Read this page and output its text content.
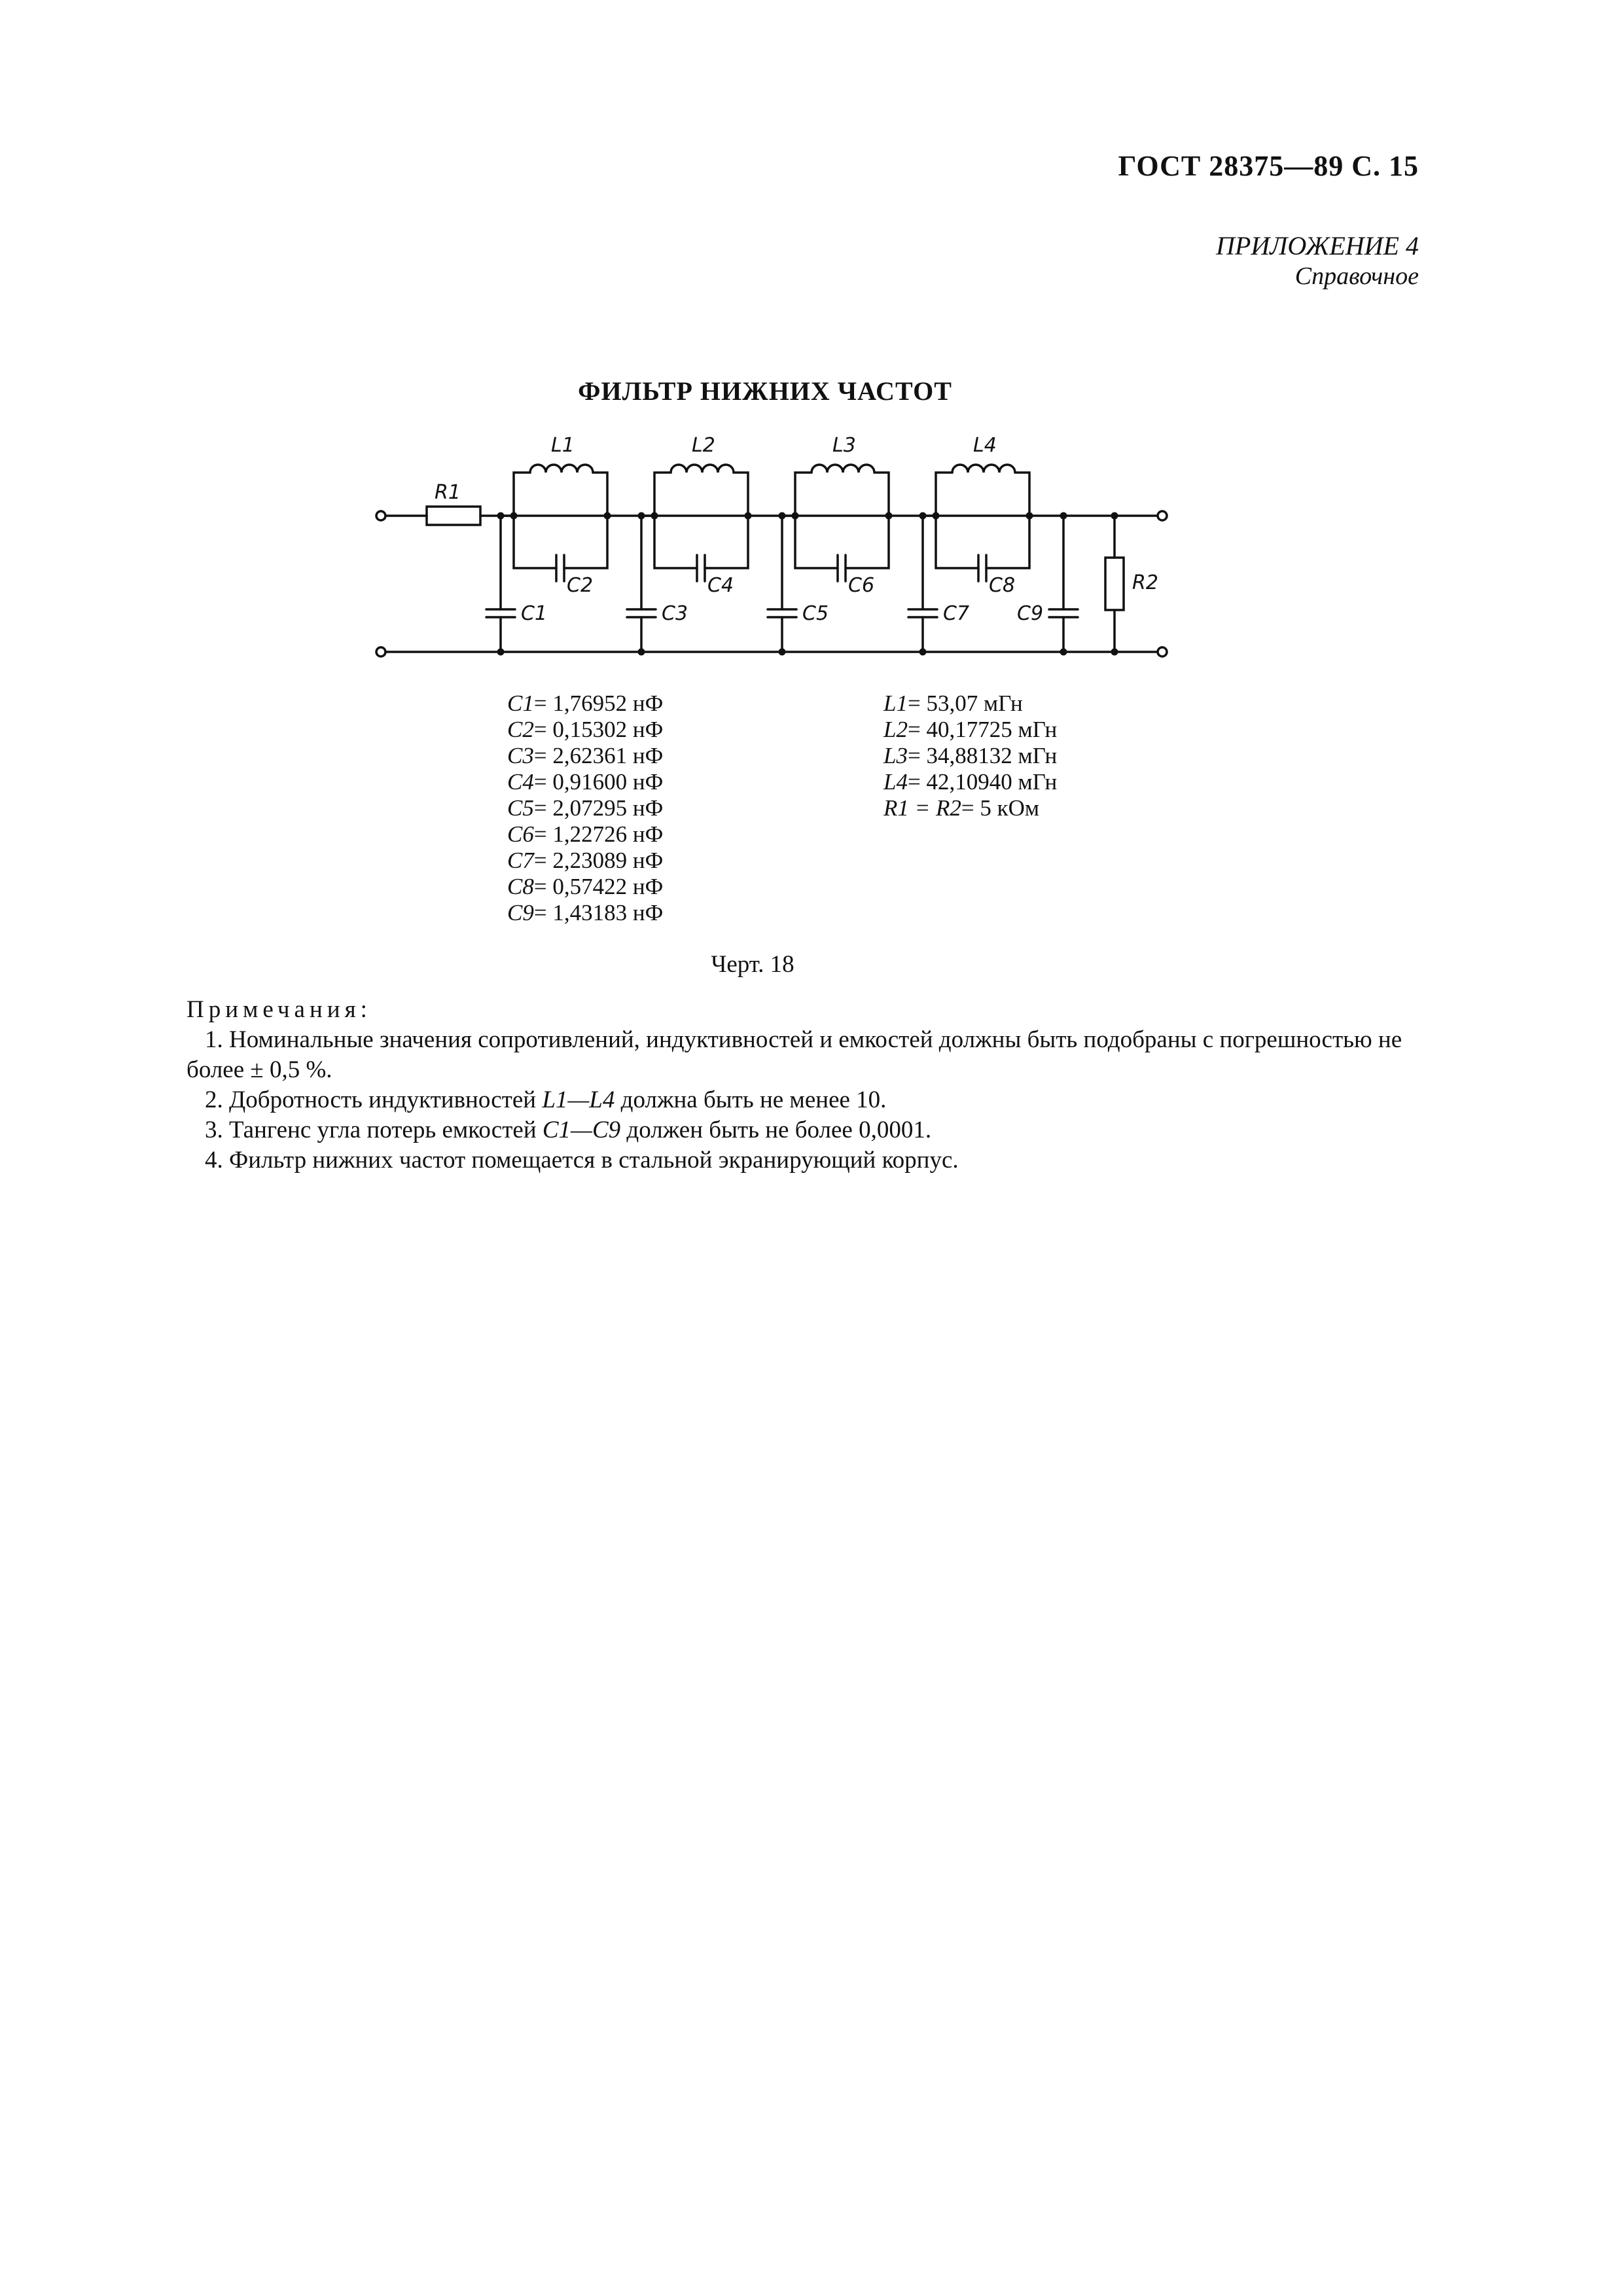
ГОСТ 28375—89 С. 15
ПРИЛОЖЕНИЕ 4
Справочное
ФИЛЬТР НИЖНИХ ЧАСТОТ
R1
L1	L2	L3	L4
C1
C2
C3
C4
C5
C6
C7
C8
C9
R2
C1= 1,76952 нФ
C2= 0,15302 нФ
C3= 2,62361 нФ
C4= 0,91600 нФ
C5= 2,07295 нФ
C6= 1,22726 нФ
C7= 2,23089 нФ
C8= 0,57422 нФ
C9= 1,43183 нФ
L1= 53,07 мГн
L2= 40,17725 мГн
L3= 34,88132 мГн
L4= 42,10940 мГн
R1 = R2= 5 кОм
Черт. 18
Примечания:
1. Номинальные значения сопротивлений, индуктивностей и емкостей должны быть подобраны с погрешностью не более ± 0,5 %.
2. Добротность индуктивностей L1—L4 должна быть не менее 10.
3. Тангенс угла потерь емкостей C1—C9 должен быть не более 0,0001.
4. Фильтр нижних частот помещается в стальной экранирующий корпус.
